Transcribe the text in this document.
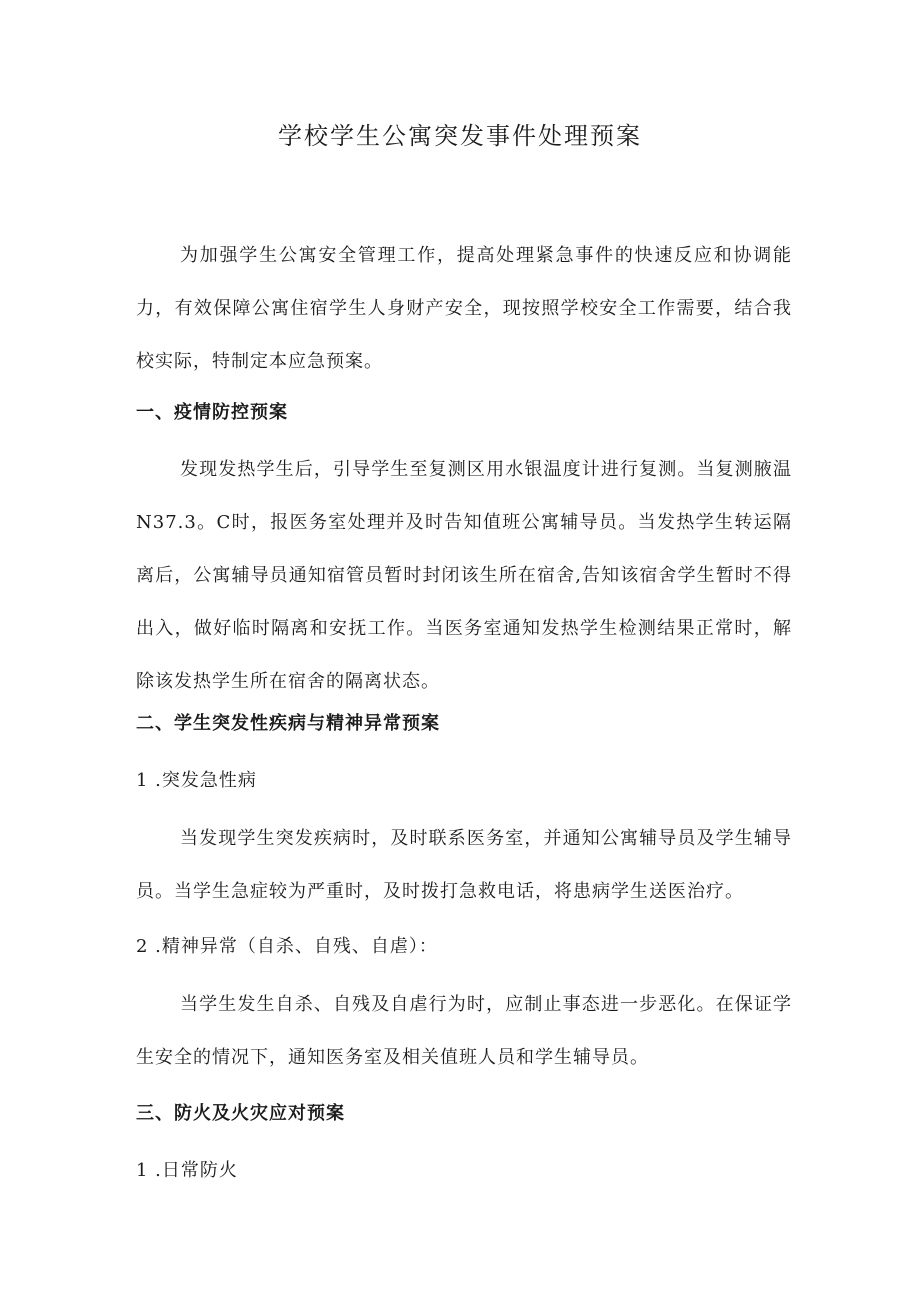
学校学生公寓突发事件处理预案
为加强学生公寓安全管理工作，提高处理紧急事件的快速反应和协调能力，有效保障公寓住宿学生人身财产安全，现按照学校安全工作需要，结合我校实际，特制定本应急预案。
一、疫情防控预案
发现发热学生后，引导学生至复测区用水银温度计进行复测。当复测腋温N37.3。C时，报医务室处理并及时告知值班公寓辅导员。当发热学生转运隔离后，公寓辅导员通知宿管员暂时封闭该生所在宿舍,告知该宿舍学生暂时不得出入，做好临时隔离和安抚工作。当医务室通知发热学生检测结果正常时，解除该发热学生所在宿舍的隔离状态。
二、学生突发性疾病与精神异常预案
1 .突发急性病
当发现学生突发疾病时，及时联系医务室，并通知公寓辅导员及学生辅导员。当学生急症较为严重时，及时拨打急救电话，将患病学生送医治疗。
2 .精神异常（自杀、自残、自虐）：
当学生发生自杀、自残及自虐行为时，应制止事态进一步恶化。在保证学生安全的情况下，通知医务室及相关值班人员和学生辅导员。
三、防火及火灾应对预案
1 .日常防火
